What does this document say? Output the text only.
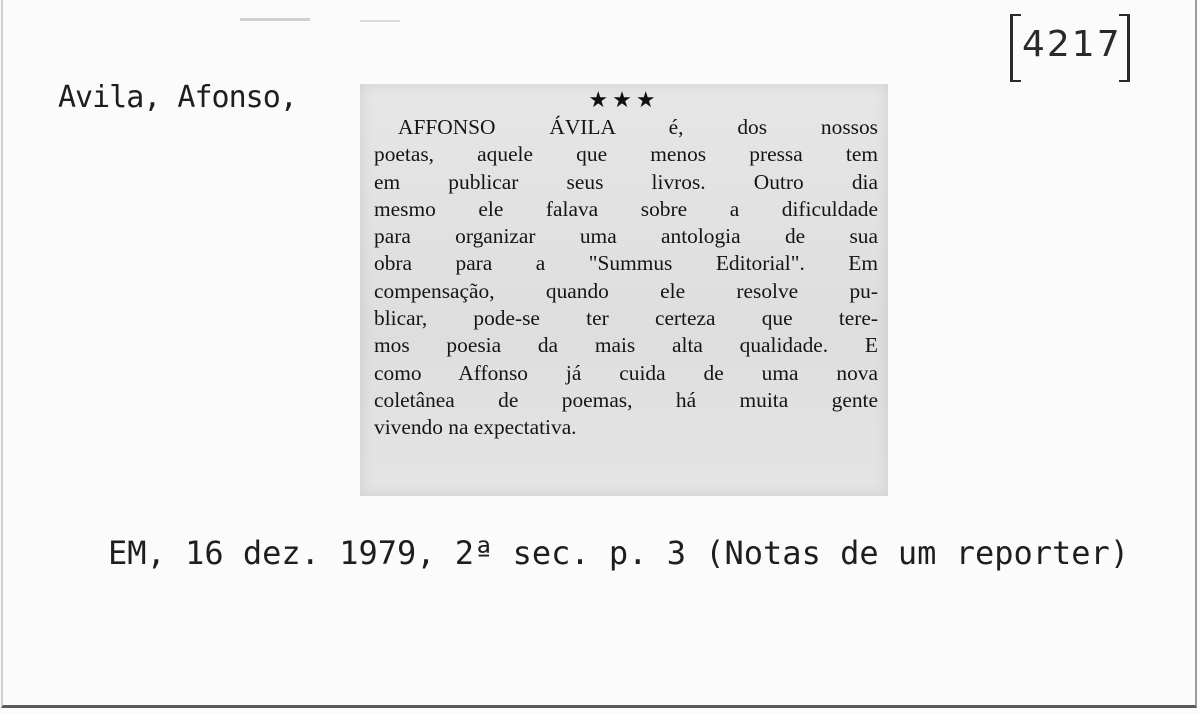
Avila, Afonso,
4217
★★★
AFFONSO ÁVILA é, dos nossos
poetas, aquele que menos pressa tem
em publicar seus livros. Outro dia
mesmo ele falava sobre a dificuldade
para organizar uma antologia de sua
obra para a "Summus Editorial". Em
compensação, quando ele resolve pu-
blicar, pode-se ter certeza que tere-
mos poesia da mais alta qualidade. E
como Affonso já cuida de uma nova
coletânea de poemas, há muita gente
vivendo na expectativa.
EM, 16 dez. 1979, 2ª sec. p. 3 (Notas de um reporter)
